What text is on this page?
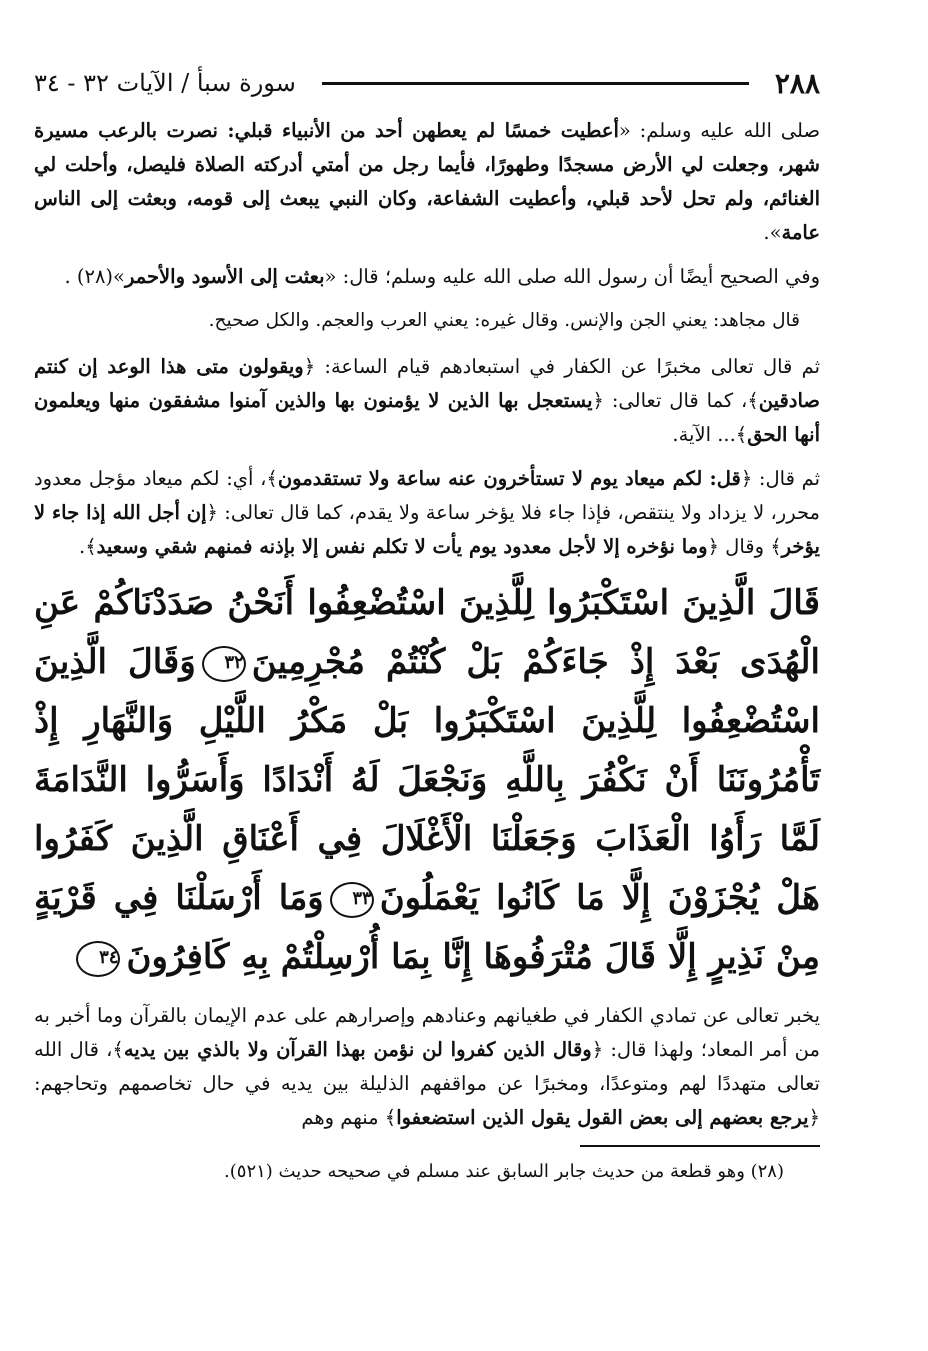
٢٨٨
سورة سبأ / الآيات ٣٢ - ٣٤

صلى الله عليه وسلم: «أعطيت خمسًا لم يعطهن أحد من الأنبياء قبلي: نصرت بالرعب مسيرة شهر، وجعلت لي الأرض مسجدًا وطهورًا، فأيما رجل من أمتي أدركته الصلاة فليصل، وأحلت لي الغنائم، ولم تحل لأحد قبلي، وأعطيت الشفاعة، وكان النبي يبعث إلى قومه، وبعثت إلى الناس عامة».

وفي الصحيح أيضًا أن رسول الله صلى الله عليه وسلم؛ قال: «بعثت إلى الأسود والأحمر»(٢٨) .

قال مجاهد: يعني الجن والإنس. وقال غيره: يعني العرب والعجم. والكل صحيح.

ثم قال تعالى مخبرًا عن الكفار في استبعادهم قيام الساعة: ﴿ويقولون متى هذا الوعد إن كنتم صادقين﴾، كما قال تعالى: ﴿يستعجل بها الذين لا يؤمنون بها والذين آمنوا مشفقون منها ويعلمون أنها الحق﴾... الآية.

ثم قال: ﴿قل: لكم ميعاد يوم لا تستأخرون عنه ساعة ولا تستقدمون﴾، أي: لكم ميعاد مؤجل معدود محرر، لا يزداد ولا ينتقص، فإذا جاء فلا يؤخر ساعة ولا يقدم، كما قال تعالى: ﴿إن أجل الله إذا جاء لا يؤخر﴾ وقال ﴿وما نؤخره إلا لأجل معدود يوم يأت لا تكلم نفس إلا بإذنه فمنهم شقي وسعيد﴾.

قَالَ الَّذِينَ اسْتَكْبَرُوا لِلَّذِينَ اسْتُضْعِفُوا أَنَحْنُ صَدَدْنَاكُمْ عَنِ الْهُدَى بَعْدَ إِذْ جَاءَكُمْ بَلْ كُنْتُمْ مُجْرِمِينَ٣٢وَقَالَ الَّذِينَ اسْتُضْعِفُوا لِلَّذِينَ اسْتَكْبَرُوا بَلْ مَكْرُ اللَّيْلِ وَالنَّهَارِ إِذْ تَأْمُرُونَنَا أَنْ نَكْفُرَ بِاللَّهِ وَنَجْعَلَ لَهُ أَنْدَادًا وَأَسَرُّوا النَّدَامَةَ لَمَّا رَأَوُا الْعَذَابَ وَجَعَلْنَا الْأَغْلَالَ فِي أَعْنَاقِ الَّذِينَ كَفَرُوا هَلْ يُجْزَوْنَ إِلَّا مَا كَانُوا يَعْمَلُونَ٣٣وَمَا أَرْسَلْنَا فِي قَرْيَةٍ مِنْ نَذِيرٍ إِلَّا قَالَ مُتْرَفُوهَا إِنَّا بِمَا أُرْسِلْتُمْ بِهِ كَافِرُونَ٣٤

يخبر تعالى عن تمادي الكفار في طغيانهم وعنادهم وإصرارهم على عدم الإيمان بالقرآن وما أخبر به من أمر المعاد؛ ولهذا قال: ﴿وقال الذين كفروا لن نؤمن بهذا القرآن ولا بالذي بين يديه﴾، قال الله تعالى متهددًا لهم ومتوعدًا، ومخبرًا عن مواقفهم الذليلة بين يديه في حال تخاصمهم وتحاجهم: ﴿يرجع بعضهم إلى بعض القول يقول الذين استضعفوا﴾ منهم وهم

(٢٨) وهو قطعة من حديث جابر السابق عند مسلم في صحيحه حديث (٥٢١).
